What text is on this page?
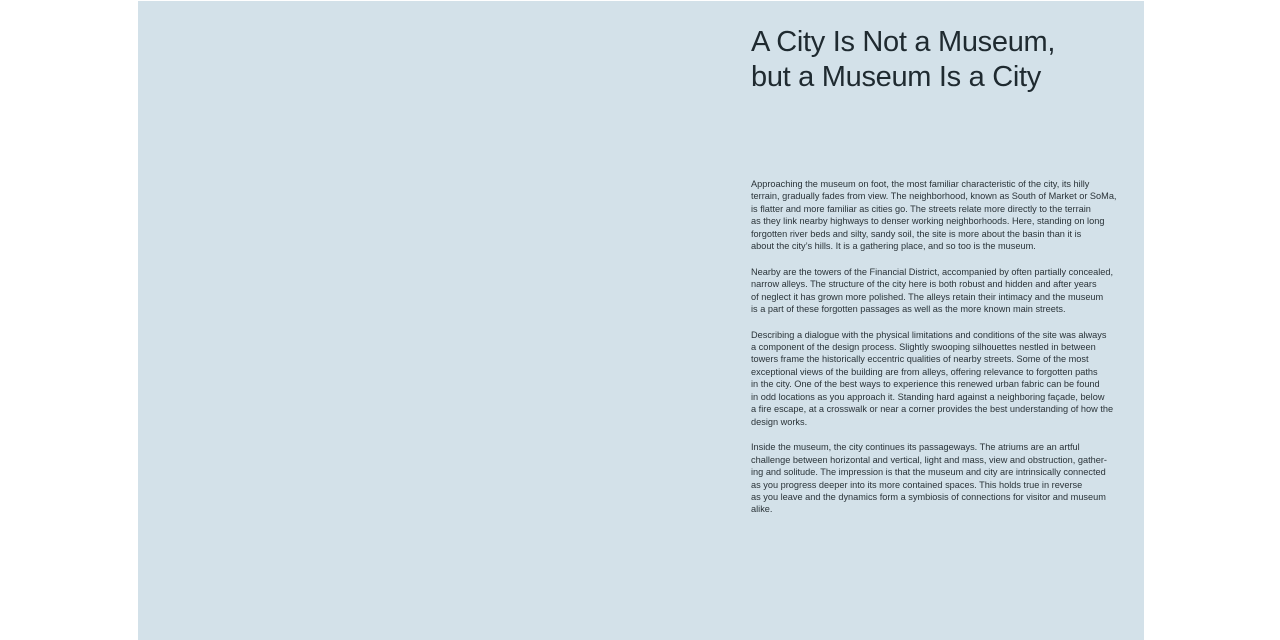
A City Is Not a Museum,
but a Museum Is a City

Approaching the museum on foot, the most familiar characteristic of the city, its hilly
terrain, gradually fades from view. The neighborhood, known as South of Market or SoMa,
is flatter and more familiar as cities go. The streets relate more directly to the terrain
as they link nearby highways to denser working neighborhoods. Here, standing on long
forgotten river beds and silty, sandy soil, the site is more about the basin than it is
about the city’s hills. It is a gathering place, and so too is the museum.

Nearby are the towers of the Financial District, accompanied by often partially concealed,
narrow alleys. The structure of the city here is both robust and hidden and after years
of neglect it has grown more polished. The alleys retain their intimacy and the museum
is a part of these forgotten passages as well as the more known main streets.

Describing a dialogue with the physical limitations and conditions of the site was always
a component of the design process. Slightly swooping silhouettes nestled in between
towers frame the historically eccentric qualities of nearby streets. Some of the most
exceptional views of the building are from alleys, offering relevance to forgotten paths
in the city. One of the best ways to experience this renewed urban fabric can be found
in odd locations as you approach it. Standing hard against a neighboring façade, below
a fire escape, at a crosswalk or near a corner provides the best understanding of how the
design works.

Inside the museum, the city continues its passageways. The atriums are an artful
challenge between horizontal and vertical, light and mass, view and obstruction, gather-
ing and solitude. The impression is that the museum and city are intrinsically connected
as you progress deeper into its more contained spaces. This holds true in reverse
as you leave and the dynamics form a symbiosis of connections for visitor and museum
alike.
